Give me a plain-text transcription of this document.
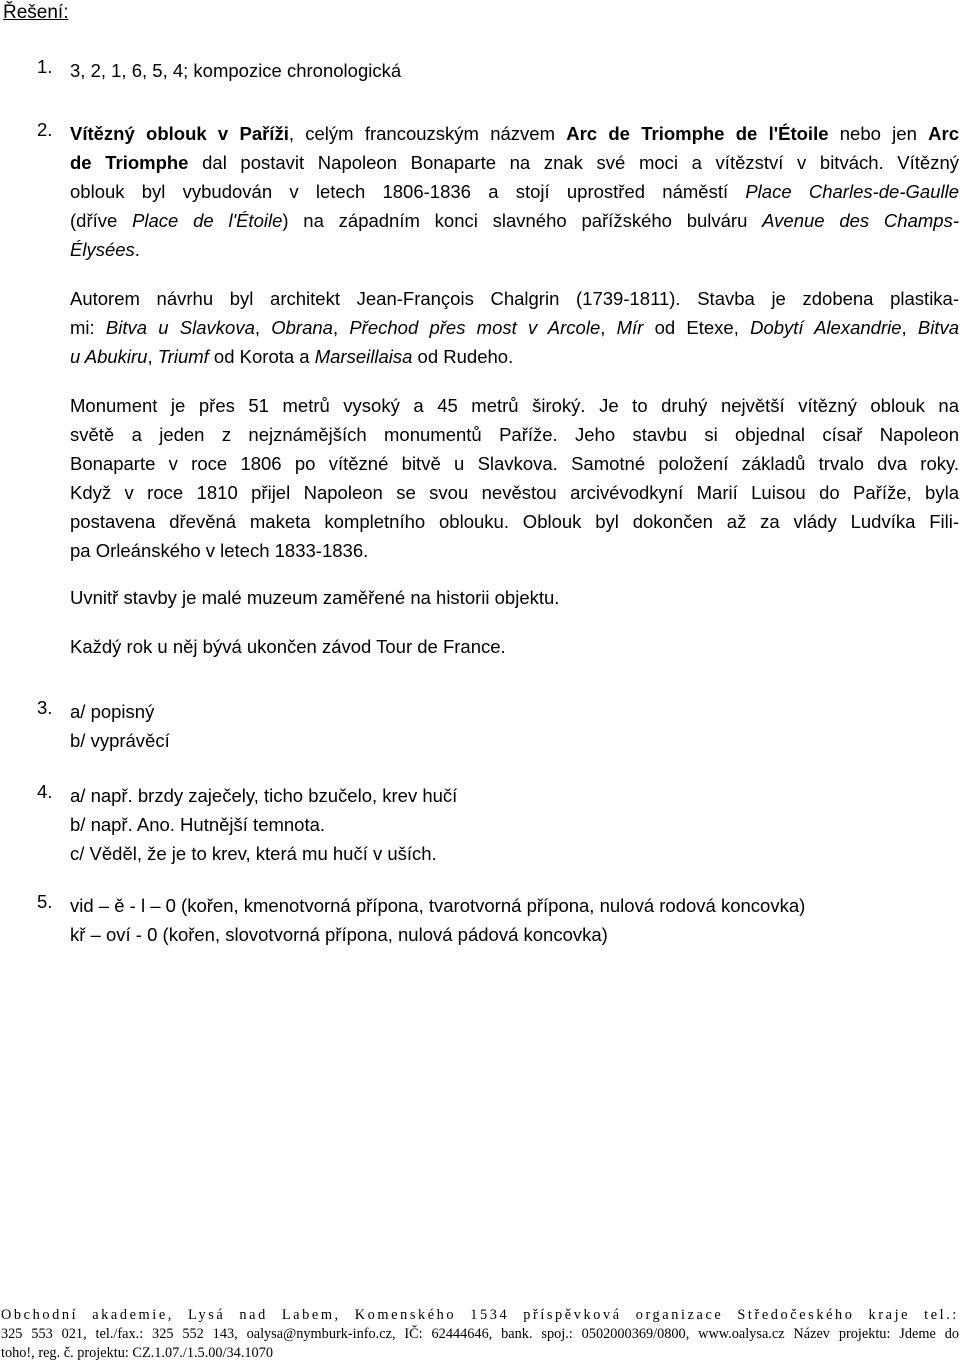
Řešení:
1. 3, 2, 1, 6, 5, 4; kompozice chronologická
2. Vítězný oblouk v Paříži, celým francouzským názvem Arc de Triomphe de l'Étoile nebo jen Arc
de Triomphe dal postavit Napoleon Bonaparte na znak své moci a vítězství v bitvách. Vítězný
oblouk byl vybudován v letech 1806-1836 a stojí uprostřed náměstí Place Charles-de-Gaulle
(dříve Place de l'Étoile) na západním konci slavného pařížského bulváru Avenue des Champs-
Élysées.
Autorem návrhu byl architekt Jean-François Chalgrin (1739-1811). Stavba je zdobena plastika-
mi: Bitva u Slavkova, Obrana, Přechod přes most v Arcole, Mír od Etexe, Dobytí Alexandrie, Bitva
u Abukiru, Triumf od Korota a Marseillaisa od Rudeho.
Monument je přes 51 metrů vysoký a 45 metrů široký. Je to druhý největší vítězný oblouk na
světě a jeden z nejznámějších monumentů Paříže. Jeho stavbu si objednal císař Napoleon
Bonaparte v roce 1806 po vítězné bitvě u Slavkova. Samotné položení základů trvalo dva roky.
Když v roce 1810 přijel Napoleon se svou nevěstou arcivévodkyní Marií Luisou do Paříže, byla
postavena dřevěná maketa kompletního oblouku. Oblouk byl dokončen až za vlády Ludvíka Fili-
pa Orleánského v letech 1833-1836.
Uvnitř stavby je malé muzeum zaměřené na historii objektu.
Každý rok u něj bývá ukončen závod Tour de France.
3. a/ popisný
b/ vyprávěcí
4. a/ např. brzdy zaječely, ticho bzučelo, krev hučí
b/ např. Ano. Hutnější temnota.
c/ Věděl, že je to krev, která mu hučí v uších.
5. vid – ě - l – 0 (kořen, kmenotvorná přípona, tvarotvorná přípona, nulová rodová koncovka)
kř – oví - 0 (kořen, slovotvorná přípona, nulová pádová koncovka)
Obchodní akademie, Lysá nad Labem, Komenského 1534 příspěvková organizace Středočeského kraje tel.:
325 553 021, tel./fax.: 325 552 143, oalysa@nymburk-info.cz, IČ: 62444646, bank. spoj.: 0502000369/0800, www.oalysa.cz Název projektu: Jdeme do
toho!, reg. č. projektu: CZ.1.07./1.5.00/34.1070
